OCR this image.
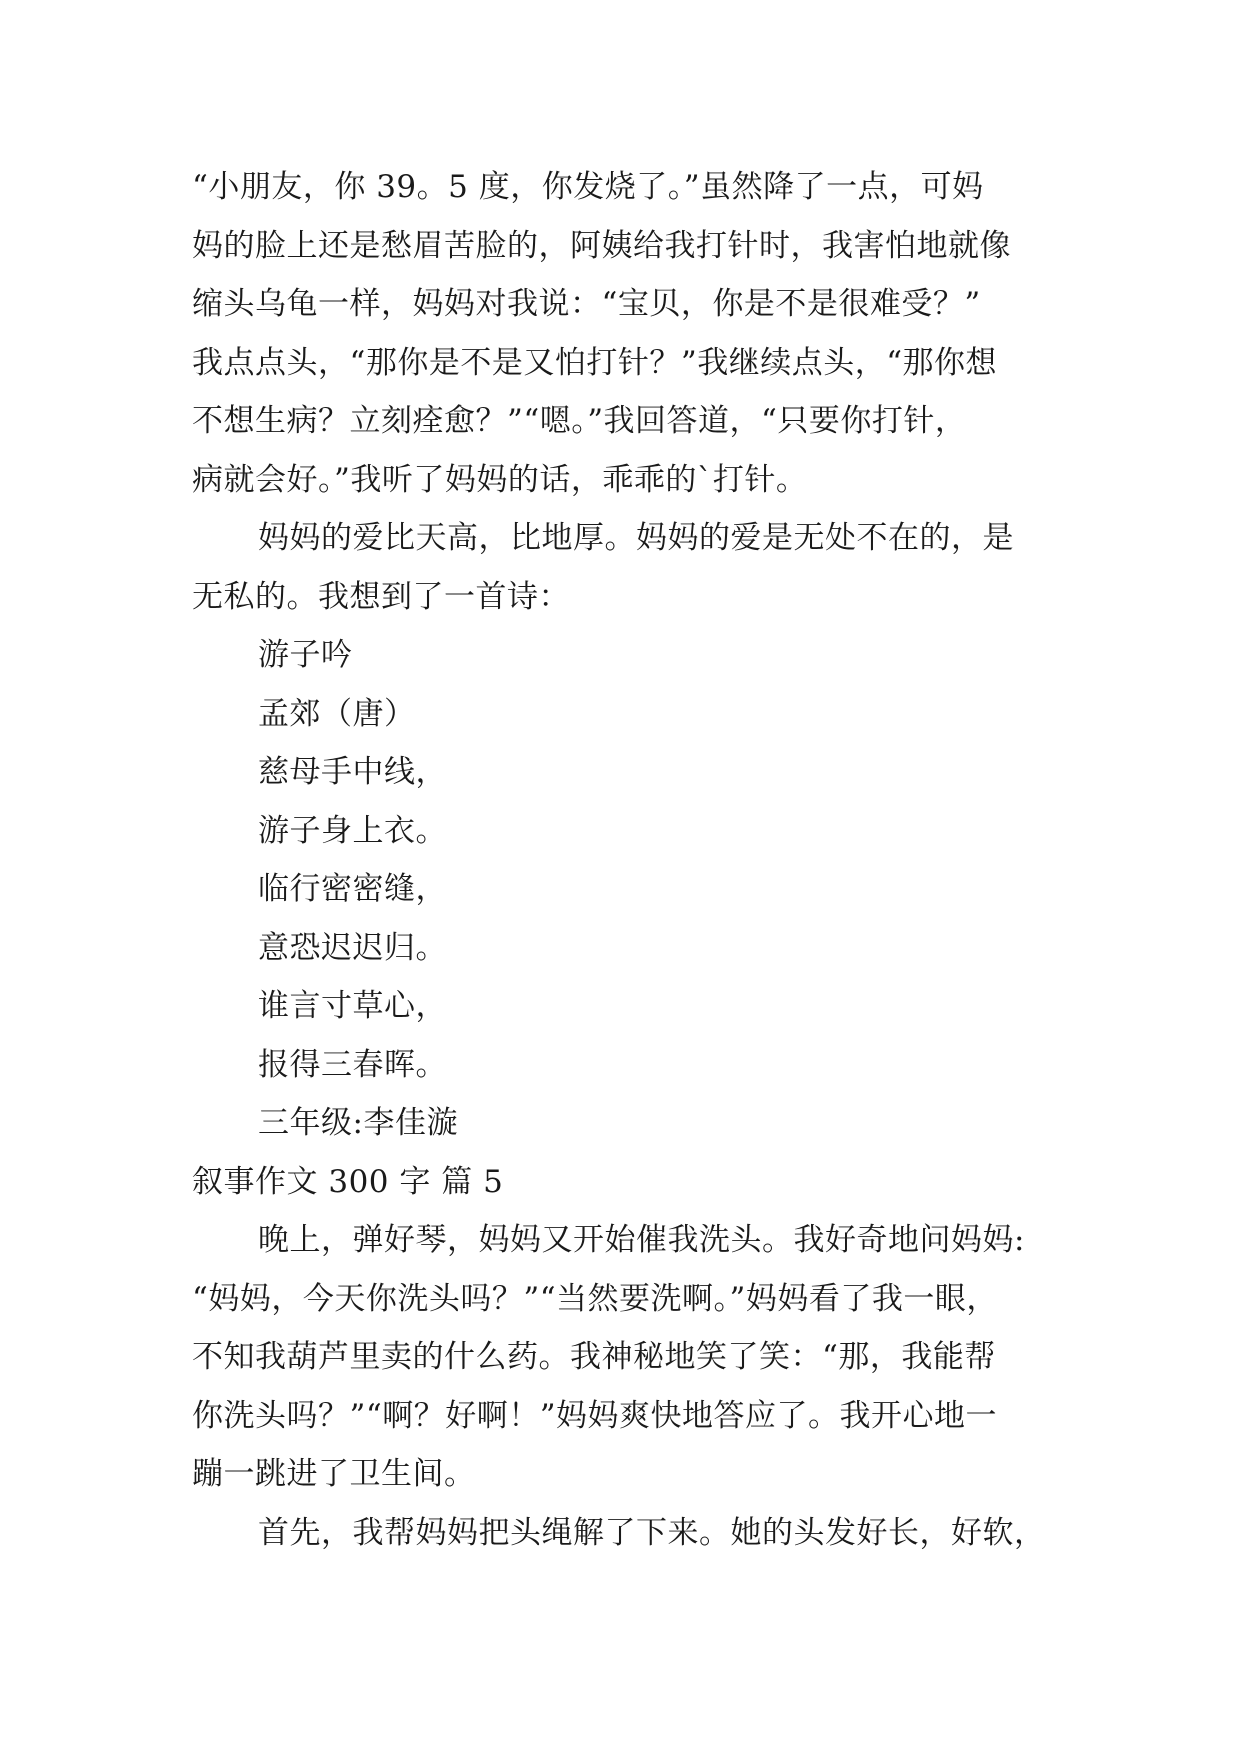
“小朋友，你 39。5 度，你发烧了。”虽然降了一点，可妈
妈的脸上还是愁眉苦脸的，阿姨给我打针时，我害怕地就像
缩头乌龟一样，妈妈对我说：“宝贝，你是不是很难受？”
我点点头，“那你是不是又怕打针？”我继续点头，“那你想
不想生病？立刻痊愈？”“嗯。”我回答道，“只要你打针，
病就会好。”我听了妈妈的话，乖乖的`打针。
妈妈的爱比天高，比地厚。妈妈的爱是无处不在的，是
无私的。我想到了一首诗：
游子吟
孟郊（唐）
慈母手中线，
游子身上衣。
临行密密缝，
意恐迟迟归。
谁言寸草心，
报得三春晖。
三年级:李佳漩
叙事作文 300 字 篇 5
晚上，弹好琴，妈妈又开始催我洗头。我好奇地问妈妈:
“妈妈，今天你洗头吗？”“当然要洗啊。”妈妈看了我一眼，
不知我葫芦里卖的什么药。我神秘地笑了笑：“那，我能帮
你洗头吗？”“啊？好啊！”妈妈爽快地答应了。我开心地一
蹦一跳进了卫生间。
首先，我帮妈妈把头绳解了下来。她的头发好长，好软，
